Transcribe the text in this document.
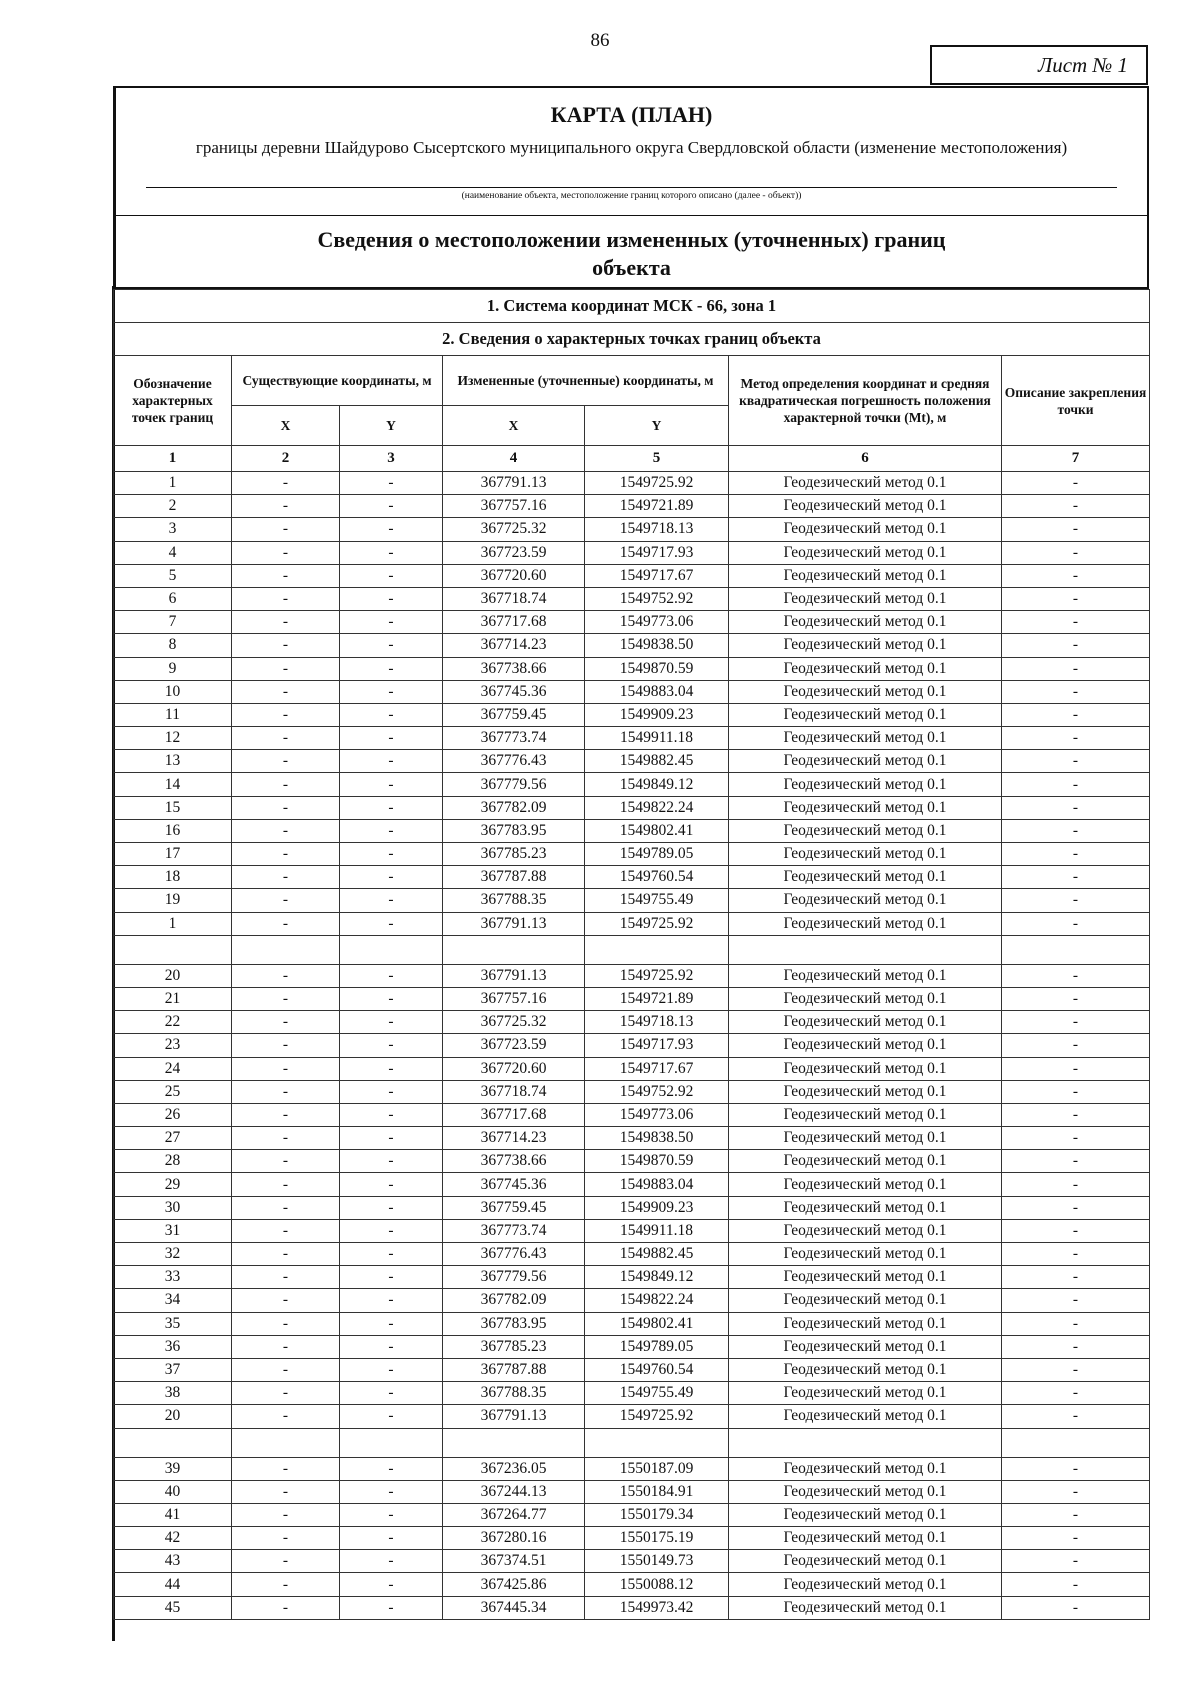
86
Лист № 1
КАРТА (ПЛАН)
границы деревни Шайдурово Сысертского муниципального округа Свердловской области (изменение местоположения)
(наименование объекта, местоположение границ которого описано (далее - объект))
Сведения о местоположении измененных (уточненных) границ
объекта
1. Система координат МСК - 66, зона 1						
2. Сведения о характерных точках границ объекта						
Обозначение характерных точек границ	Существующие координаты, м		Измененные (уточненные) координаты, м		Метод определения координат и средняя квадратическая погрешность положения характерной точки (Mt), м	Описание закрепления точки
	X	Y	X	Y		
1	2	3	4	5	6	7
1	-	-	367791.13	1549725.92	Геодезический метод 0.1	-
2	-	-	367757.16	1549721.89	Геодезический метод 0.1	-
3	-	-	367725.32	1549718.13	Геодезический метод 0.1	-
4	-	-	367723.59	1549717.93	Геодезический метод 0.1	-
5	-	-	367720.60	1549717.67	Геодезический метод 0.1	-
6	-	-	367718.74	1549752.92	Геодезический метод 0.1	-
7	-	-	367717.68	1549773.06	Геодезический метод 0.1	-
8	-	-	367714.23	1549838.50	Геодезический метод 0.1	-
9	-	-	367738.66	1549870.59	Геодезический метод 0.1	-
10	-	-	367745.36	1549883.04	Геодезический метод 0.1	-
11	-	-	367759.45	1549909.23	Геодезический метод 0.1	-
12	-	-	367773.74	1549911.18	Геодезический метод 0.1	-
13	-	-	367776.43	1549882.45	Геодезический метод 0.1	-
14	-	-	367779.56	1549849.12	Геодезический метод 0.1	-
15	-	-	367782.09	1549822.24	Геодезический метод 0.1	-
16	-	-	367783.95	1549802.41	Геодезический метод 0.1	-
17	-	-	367785.23	1549789.05	Геодезический метод 0.1	-
18	-	-	367787.88	1549760.54	Геодезический метод 0.1	-
19	-	-	367788.35	1549755.49	Геодезический метод 0.1	-
1	-	-	367791.13	1549725.92	Геодезический метод 0.1	-

20	-	-	367791.13	1549725.92	Геодезический метод 0.1	-
21	-	-	367757.16	1549721.89	Геодезический метод 0.1	-
22	-	-	367725.32	1549718.13	Геодезический метод 0.1	-
23	-	-	367723.59	1549717.93	Геодезический метод 0.1	-
24	-	-	367720.60	1549717.67	Геодезический метод 0.1	-
25	-	-	367718.74	1549752.92	Геодезический метод 0.1	-
26	-	-	367717.68	1549773.06	Геодезический метод 0.1	-
27	-	-	367714.23	1549838.50	Геодезический метод 0.1	-
28	-	-	367738.66	1549870.59	Геодезический метод 0.1	-
29	-	-	367745.36	1549883.04	Геодезический метод 0.1	-
30	-	-	367759.45	1549909.23	Геодезический метод 0.1	-
31	-	-	367773.74	1549911.18	Геодезический метод 0.1	-
32	-	-	367776.43	1549882.45	Геодезический метод 0.1	-
33	-	-	367779.56	1549849.12	Геодезический метод 0.1	-
34	-	-	367782.09	1549822.24	Геодезический метод 0.1	-
35	-	-	367783.95	1549802.41	Геодезический метод 0.1	-
36	-	-	367785.23	1549789.05	Геодезический метод 0.1	-
37	-	-	367787.88	1549760.54	Геодезический метод 0.1	-
38	-	-	367788.35	1549755.49	Геодезический метод 0.1	-
20	-	-	367791.13	1549725.92	Геодезический метод 0.1	-

39	-	-	367236.05	1550187.09	Геодезический метод 0.1	-
40	-	-	367244.13	1550184.91	Геодезический метод 0.1	-
41	-	-	367264.77	1550179.34	Геодезический метод 0.1	-
42	-	-	367280.16	1550175.19	Геодезический метод 0.1	-
43	-	-	367374.51	1550149.73	Геодезический метод 0.1	-
44	-	-	367425.86	1550088.12	Геодезический метод 0.1	-
45	-	-	367445.34	1549973.42	Геодезический метод 0.1	-
